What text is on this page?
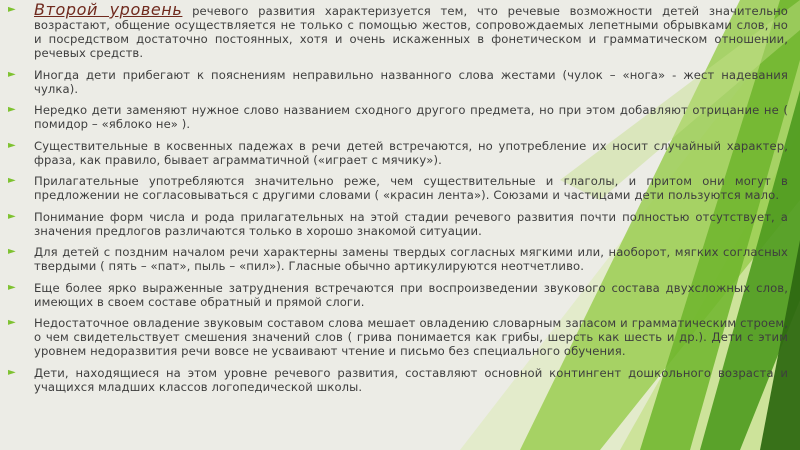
► Второй уровень речевого развития характеризуется тем, что речевые возможности детей значительно возрастают, общение осуществляется не только с помощью жестов, сопровождаемых лепетными обрывками слов, но и посредством достаточно постоянных, хотя и очень искаженных в фонетическом и грамматическом отношении, речевых средств.
► Иногда дети прибегают к пояснениям неправильно названного слова жестами (чулок – «нога» - жест надевания чулка).
► Нередко дети заменяют нужное слово названием сходного другого предмета, но при этом добавляют отрицание не ( помидор – «яблоко не» ).
► Существительные в косвенных падежах в речи детей встречаются, но употребление их носит случайный характер, фраза, как правило, бывает аграмматичной («играет с мячику»).
► Прилагательные употребляются значительно реже, чем существительные и глаголы, и притом они могут в предложении не согласовываться с другими словами ( «красин лента»). Союзами и частицами дети пользуются мало.
► Понимание форм числа и рода прилагательных на этой стадии речевого развития почти полностью отсутствует, а значения предлогов различаются только в хорошо знакомой ситуации.
► Для детей с поздним началом речи характерны замены твердых согласных мягкими или, наоборот, мягких согласных твердыми ( пять – «пат», пыль – «пил»). Гласные обычно артикулируются неотчетливо.
► Еще более ярко выраженные затруднения встречаются при воспроизведении звукового состава двухсложных слов, имеющих в своем составе обратный и прямой слоги.
► Недостаточное овладение звуковым составом слова мешает овладению словарным запасом и грамматическим строем, о чем свидетельствует смешения значений слов ( грива понимается как грибы, шерсть как шесть и др.). Дети с этим уровнем недоразвития речи вовсе не усваивают чтение и письмо без специального обучения.
► Дети, находящиеся на этом уровне речевого развития, составляют основной контингент дошкольного возраста и учащихся младших классов логопедической школы.
